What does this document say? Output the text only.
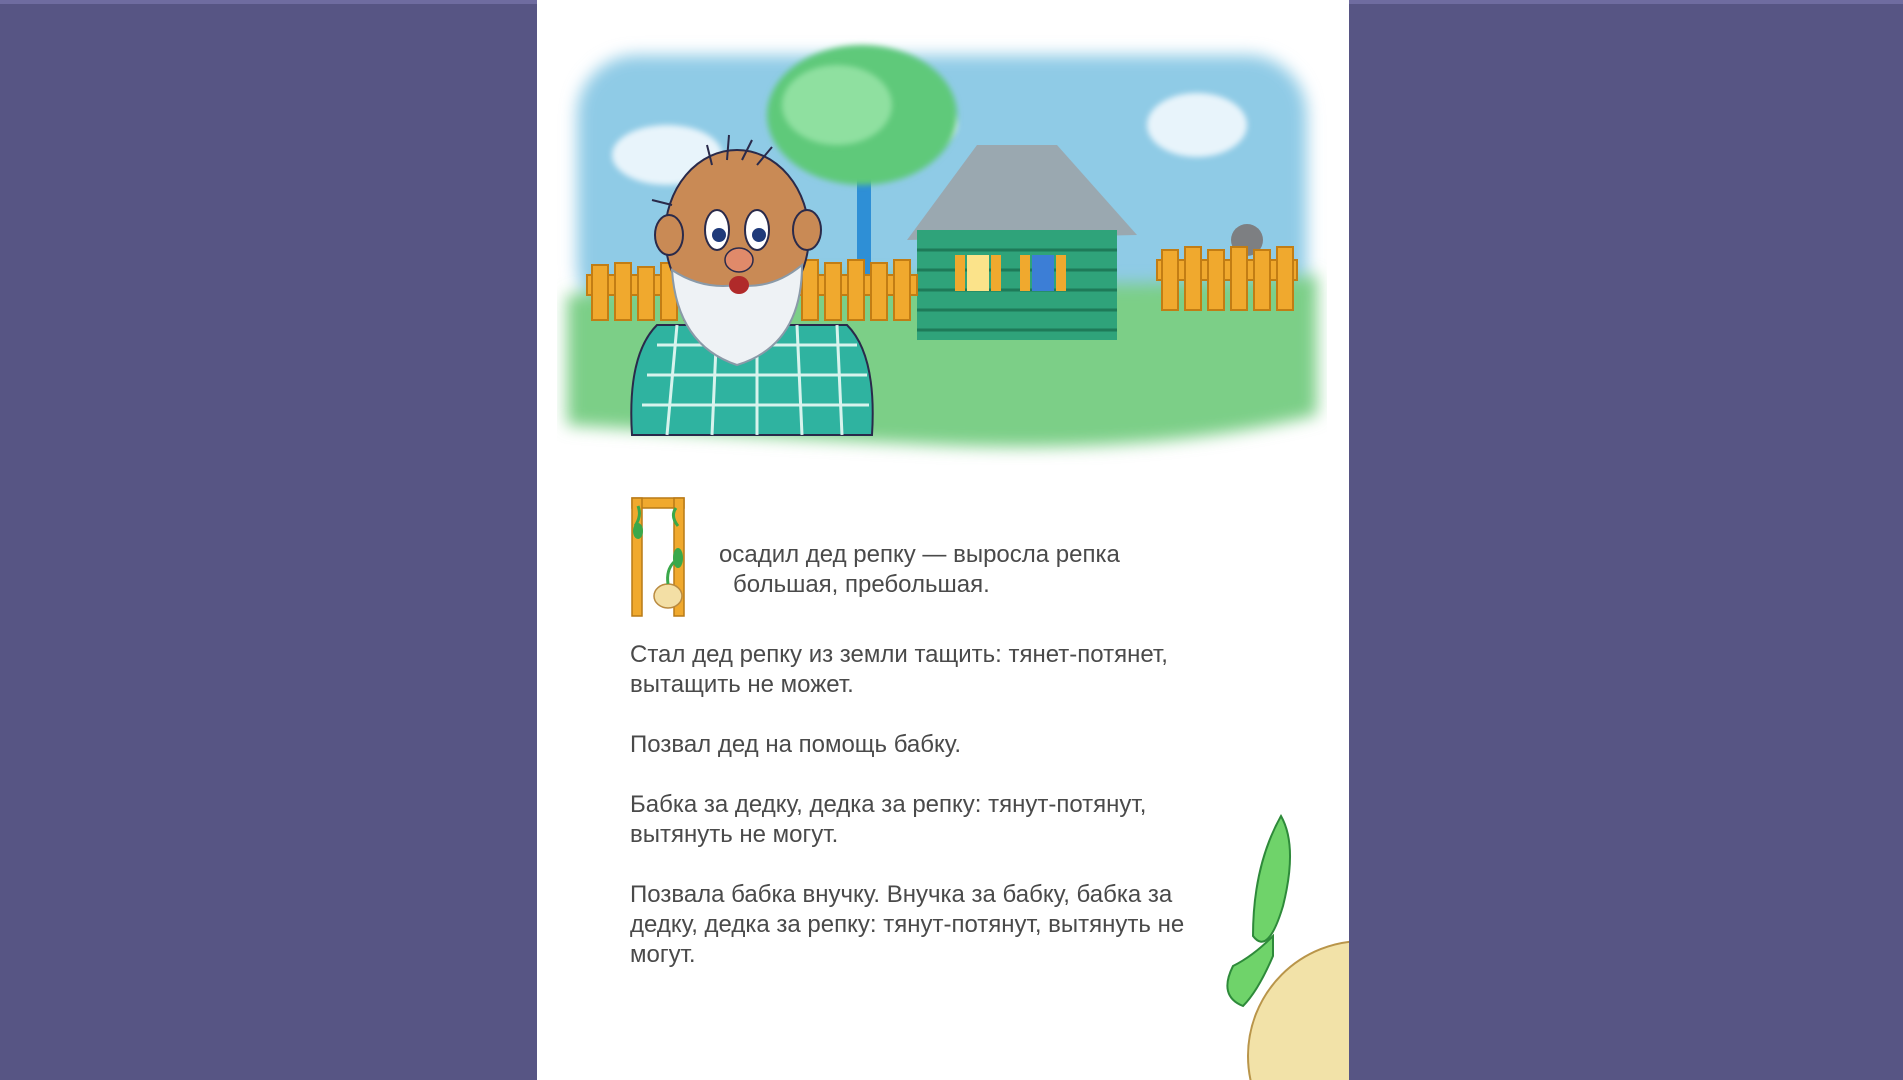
осадил дед репку — выросла репка
большая, пребольшая.

Стал дед репку из земли тащить: тянет-потянет, вытащить не может.

Позвал дед на помощь бабку.

Бабка за дедку, дедка за репку: тянут-потянут, вытянуть не могут.

Позвала бабка внучку. Внучка за бабку, бабка за дедку, дедка за репку: тянут-потянут, вытянуть не могут.
